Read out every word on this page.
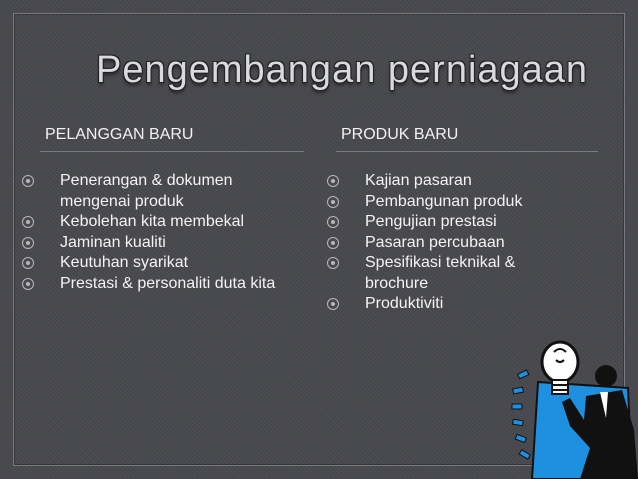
Pengembangan perniagaan
PELANGGAN BARU	PRODUK BARU
Penerangan & dokumen mengenai produk
Kebolehan kita membekal
Jaminan kualiti
Keutuhan syarikat
Prestasi & personaliti duta kita
Kajian pasaran
Pembangunan produk
Pengujian prestasi
Pasaran percubaan
Spesifikasi teknikal & brochure
Produktiviti
